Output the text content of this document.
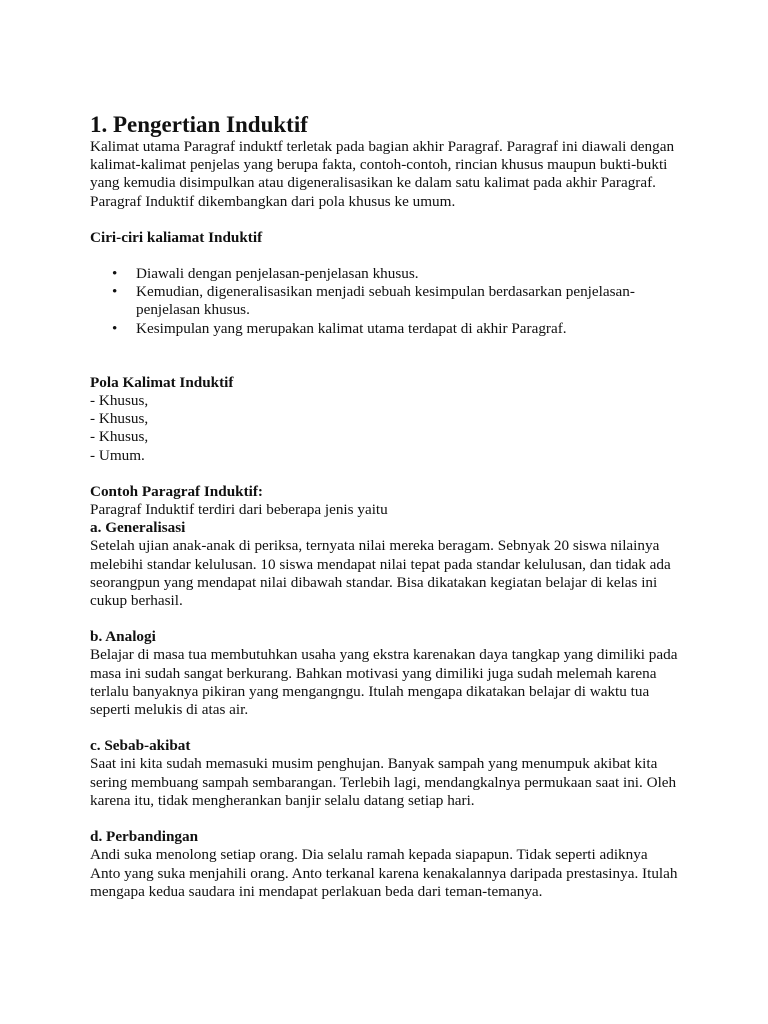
1. Pengertian Induktif

Kalimat utama Paragraf induktf terletak pada bagian akhir Paragraf. Paragraf ini diawali dengan
kalimat-kalimat penjelas yang berupa fakta, contoh-contoh, rincian khusus maupun bukti-bukti
yang kemudia disimpulkan atau digeneralisasikan ke dalam satu kalimat pada akhir Paragraf.
Paragraf Induktif dikembangkan dari pola khusus ke umum.

Ciri-ciri kaliamat Induktif

• Diawali dengan penjelasan-penjelasan khusus.
• Kemudian, digeneralisasikan menjadi sebuah kesimpulan berdasarkan penjelasan-
penjelasan khusus.
• Kesimpulan yang merupakan kalimat utama terdapat di akhir Paragraf.

Pola Kalimat Induktif

- Khusus,
- Khusus,
- Khusus,
- Umum.

Contoh Paragraf Induktif:

Paragraf Induktif terdiri dari beberapa jenis yaitu

a. Generalisasi

Setelah ujian anak-anak di periksa, ternyata nilai mereka beragam. Sebnyak 20 siswa nilainya
melebihi standar kelulusan. 10 siswa mendapat nilai tepat pada standar kelulusan, dan tidak ada
seorangpun yang mendapat nilai dibawah standar. Bisa dikatakan kegiatan belajar di kelas ini
cukup berhasil.

b. Analogi

Belajar di masa tua membutuhkan usaha yang ekstra karenakan daya tangkap yang dimiliki pada
masa ini sudah sangat berkurang. Bahkan motivasi yang dimiliki juga sudah melemah karena
terlalu banyaknya pikiran yang mengangngu. Itulah mengapa dikatakan belajar di waktu tua
seperti melukis di atas air.

c. Sebab-akibat

Saat ini kita sudah memasuki musim penghujan. Banyak sampah yang menumpuk akibat kita
sering membuang sampah sembarangan. Terlebih lagi, mendangkalnya permukaan saat ini. Oleh
karena itu, tidak mengherankan banjir selalu datang setiap hari.

d. Perbandingan

Andi suka menolong setiap orang. Dia selalu ramah kepada siapapun. Tidak seperti adiknya
Anto yang suka menjahili orang. Anto terkanal karena kenakalannya daripada prestasinya. Itulah
mengapa kedua saudara ini mendapat perlakuan beda dari teman-temanya.
